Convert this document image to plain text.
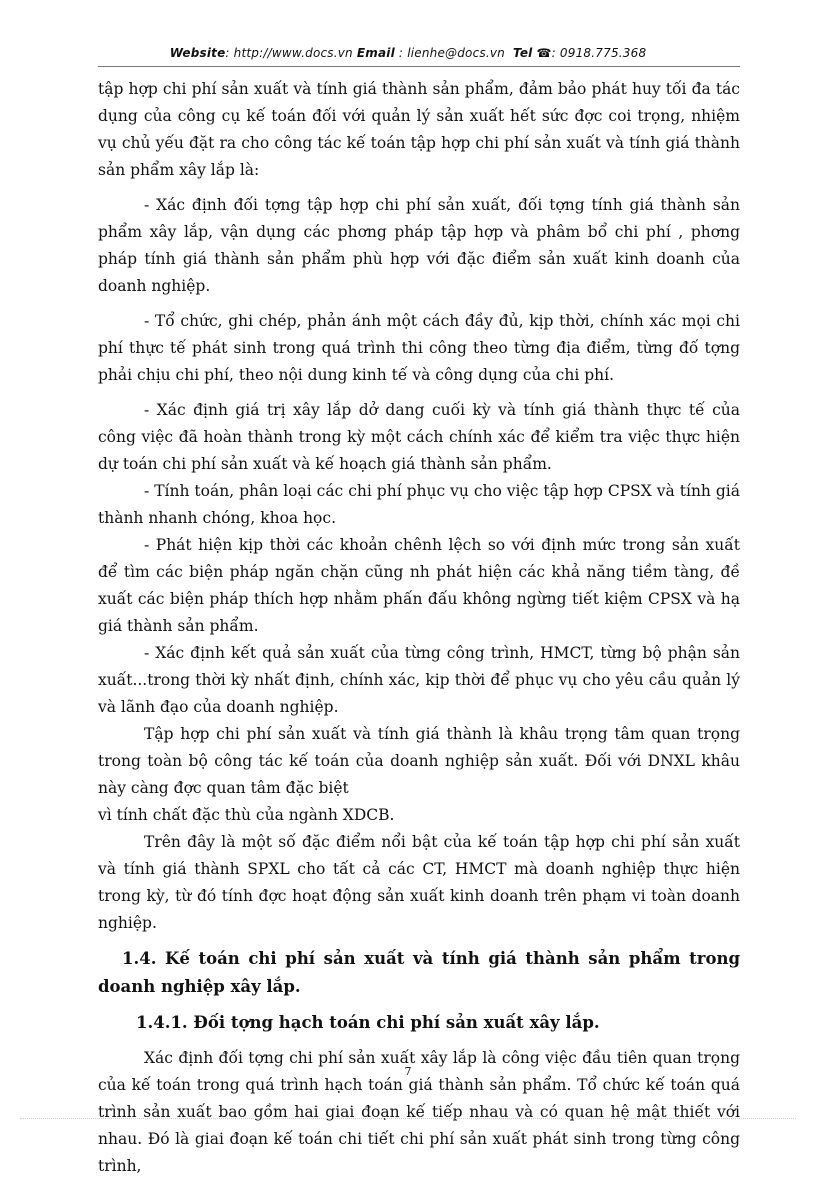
Website: http://www.docs.vn Email : lienhe@docs.vn Tel ☎: 0918.775.368

tập hợp chi phí sản xuất và tính giá thành sản phẩm, đảm bảo phát huy tối đa tác dụng của công cụ kế toán đối với quản lý sản xuất hết sức đợc coi trọng, nhiệm vụ chủ yếu đặt ra cho công tác kế toán tập hợp chi phí sản xuất và tính giá thành sản phẩm xây lắp là:

- Xác định đối tợng tập hợp chi phí sản xuất, đối tợng tính giá thành sản phẩm xây lắp, vận dụng các phơng pháp tập hợp và phâm bổ chi phí , phơng pháp tính giá thành sản phẩm phù hợp với đặc điểm sản xuất kinh doanh của doanh nghiệp.

- Tổ chức, ghi chép, phản ánh một cách đầy đủ, kịp thời, chính xác mọi chi phí thực tế phát sinh trong quá trình thi công theo từng địa điểm, từng đố tợng phải chịu chi phí, theo nội dung kinh tế và công dụng của chi phí.

- Xác định giá trị xây lắp dở dang cuối kỳ và tính giá thành thực tế của công việc đã hoàn thành trong kỳ một cách chính xác để kiểm tra việc thực hiện dự toán chi phí sản xuất và kế hoạch giá thành sản phẩm.

- Tính toán, phân loại các chi phí phục vụ cho việc tập hợp CPSX và tính giá thành nhanh chóng, khoa học.

- Phát hiện kịp thời các khoản chênh lệch so với định mức trong sản xuất để tìm các biện pháp ngăn chặn cũng nh phát hiện các khả năng tiềm tàng, đề xuất các biện pháp thích hợp nhằm phấn đấu không ngừng tiết kiệm CPSX và hạ giá thành sản phẩm.

- Xác định kết quả sản xuất của từng công trình, HMCT, từng bộ phận sản xuất...trong thời kỳ nhất định, chính xác, kịp thời để phục vụ cho yêu cầu quản lý và lãnh đạo của doanh nghiệp.

Tập hợp chi phí sản xuất và tính giá thành là khâu trọng tâm quan trọng trong toàn bộ công tác kế toán của doanh nghiệp sản xuất. Đối với DNXL khâu này càng đợc quan tâm đặc biệt

vì tính chất đặc thù của ngành XDCB.

Trên đây là một số đặc điểm nổi bật của kế toán tập hợp chi phí sản xuất và tính giá thành SPXL cho tất cả các CT, HMCT mà doanh nghiệp thực hiện trong kỳ, từ đó tính đợc hoạt động sản xuất kinh doanh trên phạm vi toàn doanh nghiệp.

1.4. Kế toán chi phí sản xuất và tính giá thành sản phẩm trong doanh nghiệp xây lắp.

1.4.1. Đối tợng hạch toán chi phí sản xuất xây lắp.

Xác định đối tợng chi phí sản xuất xây lắp là công việc đầu tiên quan trọng của kế toán trong quá trình hạch toán giá thành sản phẩm. Tổ chức kế toán quá trình sản xuất bao gồm hai giai đoạn kế tiếp nhau và có quan hệ mật thiết với nhau. Đó là giai đoạn kế toán chi tiết chi phí sản xuất phát sinh trong từng công trình,

7
